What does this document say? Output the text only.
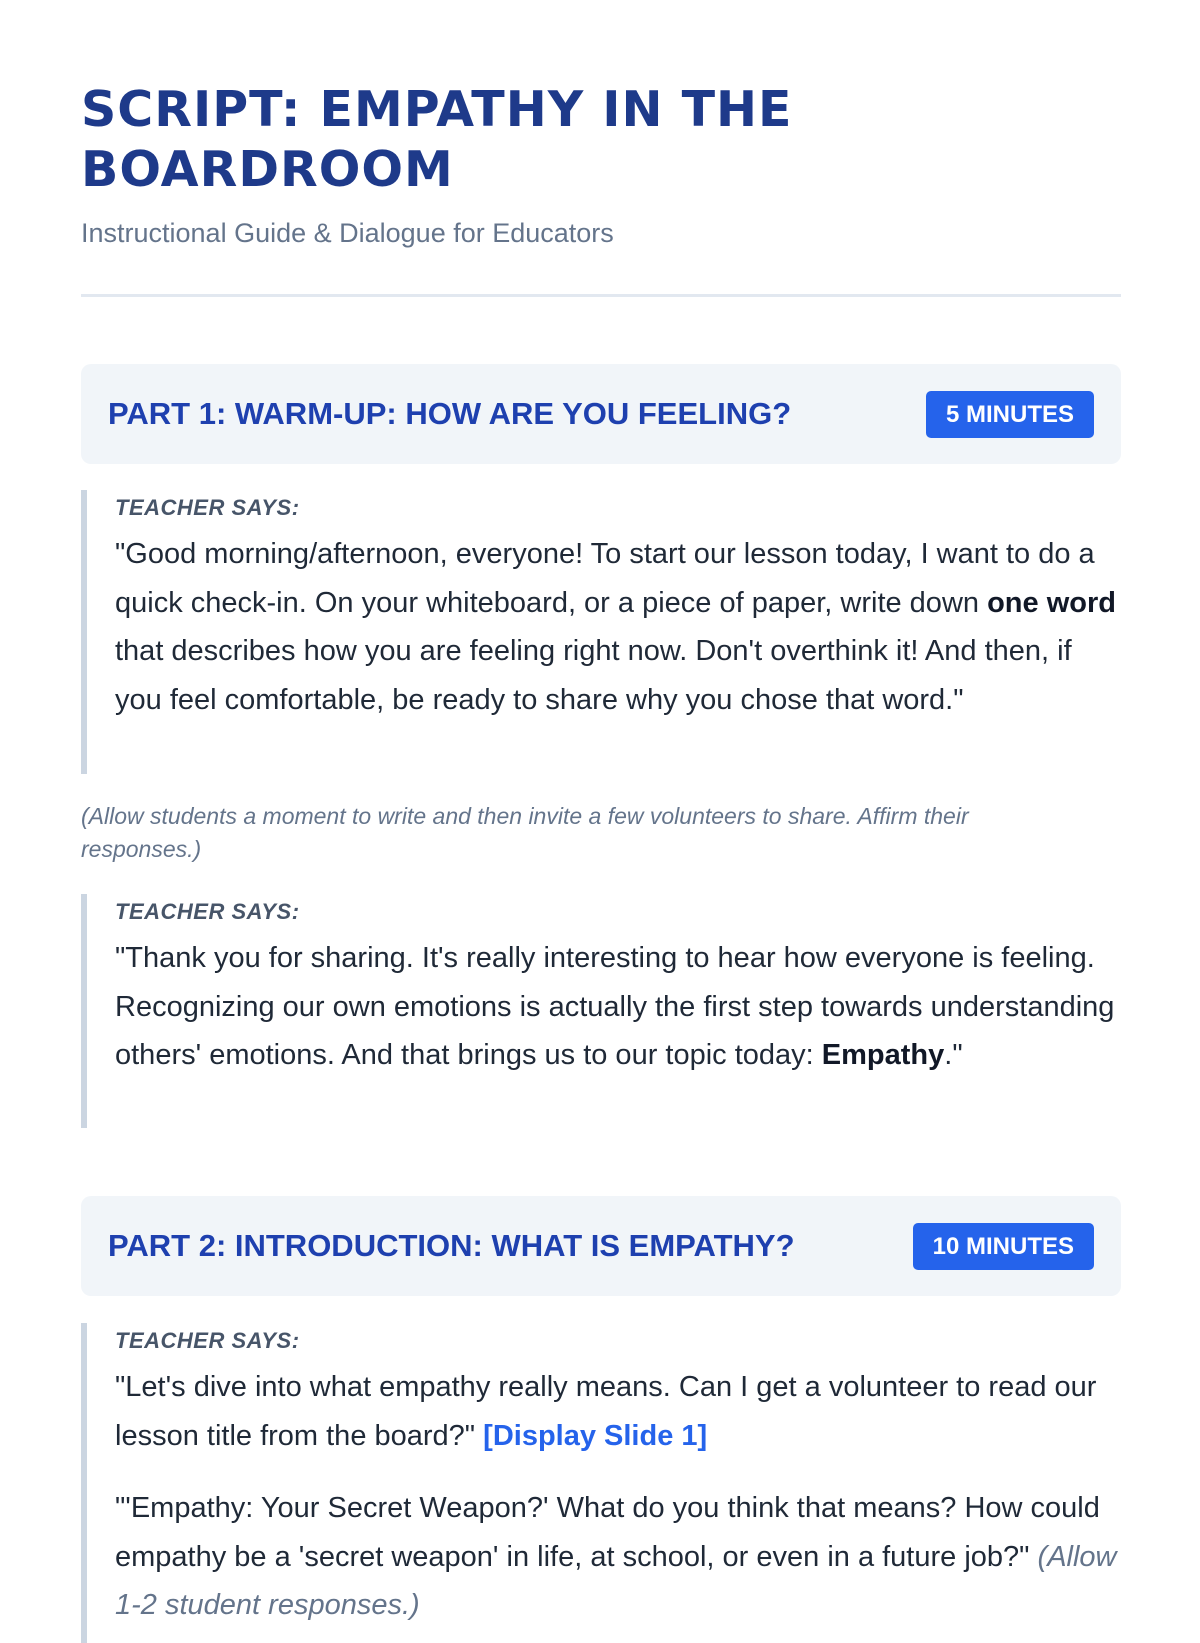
SCRIPT: EMPATHY IN THE BOARDROOM
Instructional Guide & Dialogue for Educators
PART 1: WARM-UP: HOW ARE YOU FEELING?	5 MINUTES
TEACHER SAYS:

"Good morning/afternoon, everyone! To start our lesson today, I want to do a quick check-in. On your whiteboard, or a piece of paper, write down one word that describes how you are feeling right now. Don't overthink it! And then, if you feel comfortable, be ready to share why you chose that word."

(Allow students a moment to write and then invite a few volunteers to share. Affirm their responses.)
TEACHER SAYS:

"Thank you for sharing. It's really interesting to hear how everyone is feeling. Recognizing our own emotions is actually the first step towards understanding others' emotions. And that brings us to our topic today: Empathy."

PART 2: INTRODUCTION: WHAT IS EMPATHY?	10 MINUTES
TEACHER SAYS:

"Let's dive into what empathy really means. Can I get a volunteer to read our lesson title from the board?" [Display Slide 1]

"'Empathy: Your Secret Weapon?' What do you think that means? How could empathy be a 'secret weapon' in life, at school, or even in a future job?" (Allow 1-2 student responses.)
